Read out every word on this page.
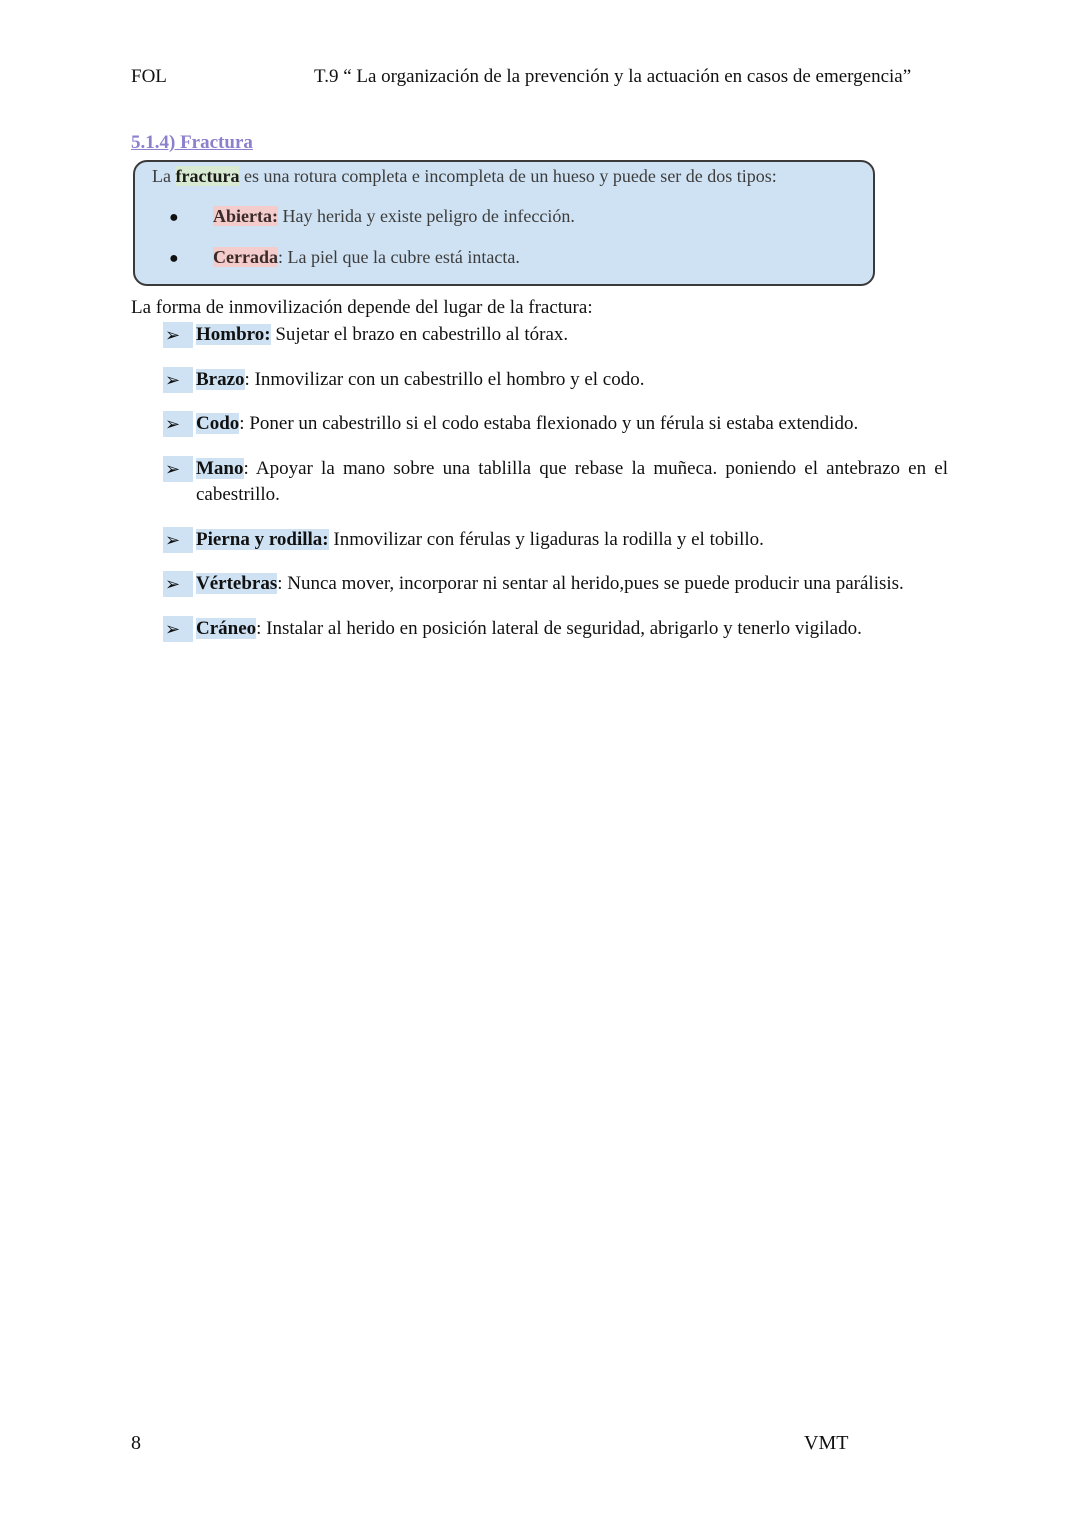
FOL	T.9 “ La organización de la prevención y la actuación en casos de emergencia”
5.1.4) Fractura
La fractura es una rotura completa e incompleta de un hueso y puede ser de dos tipos:
● Abierta: Hay herida y existe peligro de infección.
● Cerrada: La piel que la cubre está intacta.
La forma de inmovilización depende del lugar de la fractura:
➢ Hombro: Sujetar el brazo en cabestrillo al tórax.
➢ Brazo: Inmovilizar con un cabestrillo el hombro y el codo.
➢ Codo: Poner un cabestrillo si el codo estaba flexionado y un férula si estaba extendido.
➢ Mano: Apoyar la mano sobre una tablilla que rebase la muñeca. poniendo el antebrazo en el cabestrillo.
➢ Pierna y rodilla: Inmovilizar con férulas y ligaduras la rodilla y el tobillo.
➢ Vértebras: Nunca mover, incorporar ni sentar al herido,pues se puede producir una parálisis.
➢ Cráneo: Instalar al herido en posición lateral de seguridad, abrigarlo y tenerlo vigilado.
8	VMT
